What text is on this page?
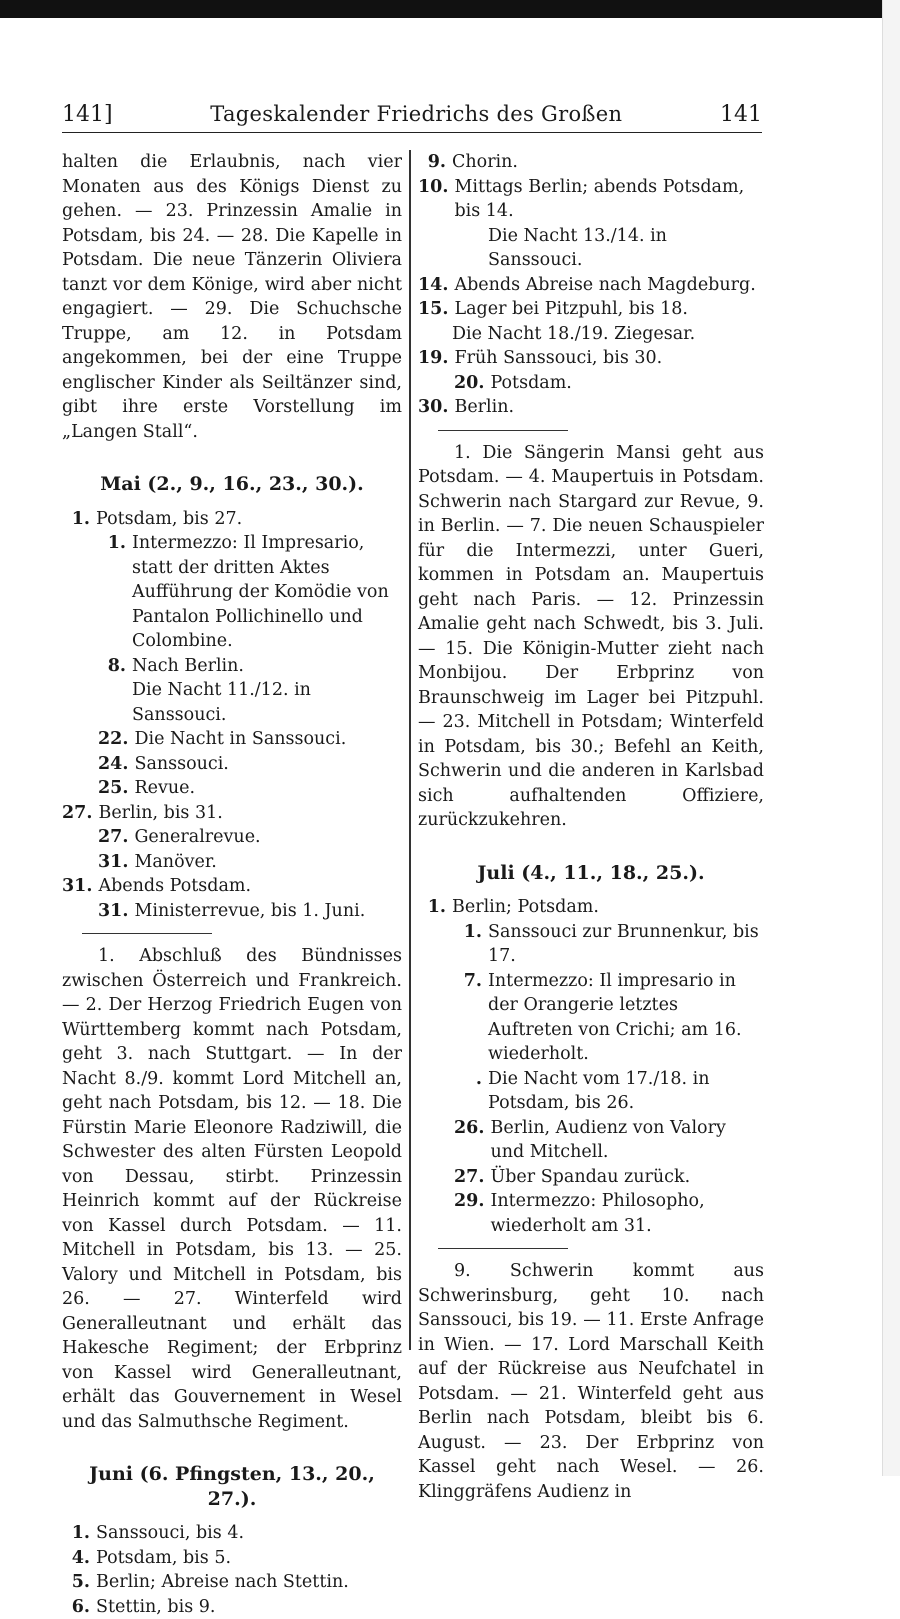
141]	Tageskalender Friedrichs des Großen	141

halten die Erlaubnis, nach vier Monaten aus des Königs Dienst zu gehen. — 23. Prinzessin Amalie in Potsdam, bis 24. — 28. Die Kapelle in Potsdam. Die neue Tänzerin Oliviera tanzt vor dem Könige, wird aber nicht engagiert. — 29. Die Schuchsche Truppe, am 12. in Potsdam angekommen, bei der eine Truppe englischer Kinder als Seiltänzer sind, gibt ihre erste Vorstellung im „Langen Stall“.

Mai (2., 9., 16., 23., 30.).
1. Potsdam, bis 27.
1. Intermezzo: Il Impresario, statt der dritten Aktes Aufführung der Komödie von Pantalon Pollichinello und Colombine.
8. Nach Berlin.
Die Nacht 11./12. in Sanssouci.
22. Die Nacht in Sanssouci.
24. Sanssouci.
25. Revue.
27. Berlin, bis 31.
27. Generalrevue.
31. Manöver.
31. Abends Potsdam.
31. Ministerrevue, bis 1. Juni.

1. Abschluß des Bündnisses zwischen Österreich und Frankreich. — 2. Der Herzog Friedrich Eugen von Württemberg kommt nach Potsdam, geht 3. nach Stuttgart. — In der Nacht 8./9. kommt Lord Mitchell an, geht nach Potsdam, bis 12. — 18. Die Fürstin Marie Eleonore Radziwill, die Schwester des alten Fürsten Leopold von Dessau, stirbt. Prinzessin Heinrich kommt auf der Rückreise von Kassel durch Potsdam. — 11. Mitchell in Potsdam, bis 13. — 25. Valory und Mitchell in Potsdam, bis 26. — 27. Winterfeld wird Generalleutnant und erhält das Hakesche Regiment; der Erbprinz von Kassel wird Generalleutnant, erhält das Gouvernement in Wesel und das Salmuthsche Regiment.

Juni (6. Pfingsten, 13., 20., 27.).
1. Sanssouci, bis 4.
4. Potsdam, bis 5.
5. Berlin; Abreise nach Stettin.
6. Stettin, bis 9.
9. Chorin.
10. Mittags Berlin; abends Potsdam, bis 14.
Die Nacht 13./14. in Sanssouci.
14. Abends Abreise nach Magdeburg.
15. Lager bei Pitzpuhl, bis 18.
Die Nacht 18./19. Ziegesar.
19. Früh Sanssouci, bis 30.
20. Potsdam.
30. Berlin.

1. Die Sängerin Mansi geht aus Potsdam. — 4. Maupertuis in Potsdam. Schwerin nach Stargard zur Revue, 9. in Berlin. — 7. Die neuen Schauspieler für die Intermezzi, unter Gueri, kommen in Potsdam an. Maupertuis geht nach Paris. — 12. Prinzessin Amalie geht nach Schwedt, bis 3. Juli. — 15. Die Königin-Mutter zieht nach Monbijou. Der Erbprinz von Braunschweig im Lager bei Pitzpuhl. — 23. Mitchell in Potsdam; Winterfeld in Potsdam, bis 30.; Befehl an Keith, Schwerin und die anderen in Karlsbad sich aufhaltenden Offiziere, zurückzukehren.

Juli (4., 11., 18., 25.).
1. Berlin; Potsdam.
1. Sanssouci zur Brunnenkur, bis 17.
7. Intermezzo: Il impresario in der Orangerie letztes Auftreten von Crichi; am 16. wiederholt.
. Die Nacht vom 17./18. in Potsdam, bis 26.
26. Berlin, Audienz von Valory und Mitchell.
27. Über Spandau zurück.
29. Intermezzo: Philosopho, wiederholt am 31.

9. Schwerin kommt aus Schwerinsburg, geht 10. nach Sanssouci, bis 19. — 11. Erste Anfrage in Wien. — 17. Lord Marschall Keith auf der Rückreise aus Neufchatel in Potsdam. — 21. Winterfeld geht aus Berlin nach Potsdam, bleibt bis 6. August. — 23. Der Erbprinz von Kassel geht nach Wesel. — 26. Klinggräfens Audienz in
